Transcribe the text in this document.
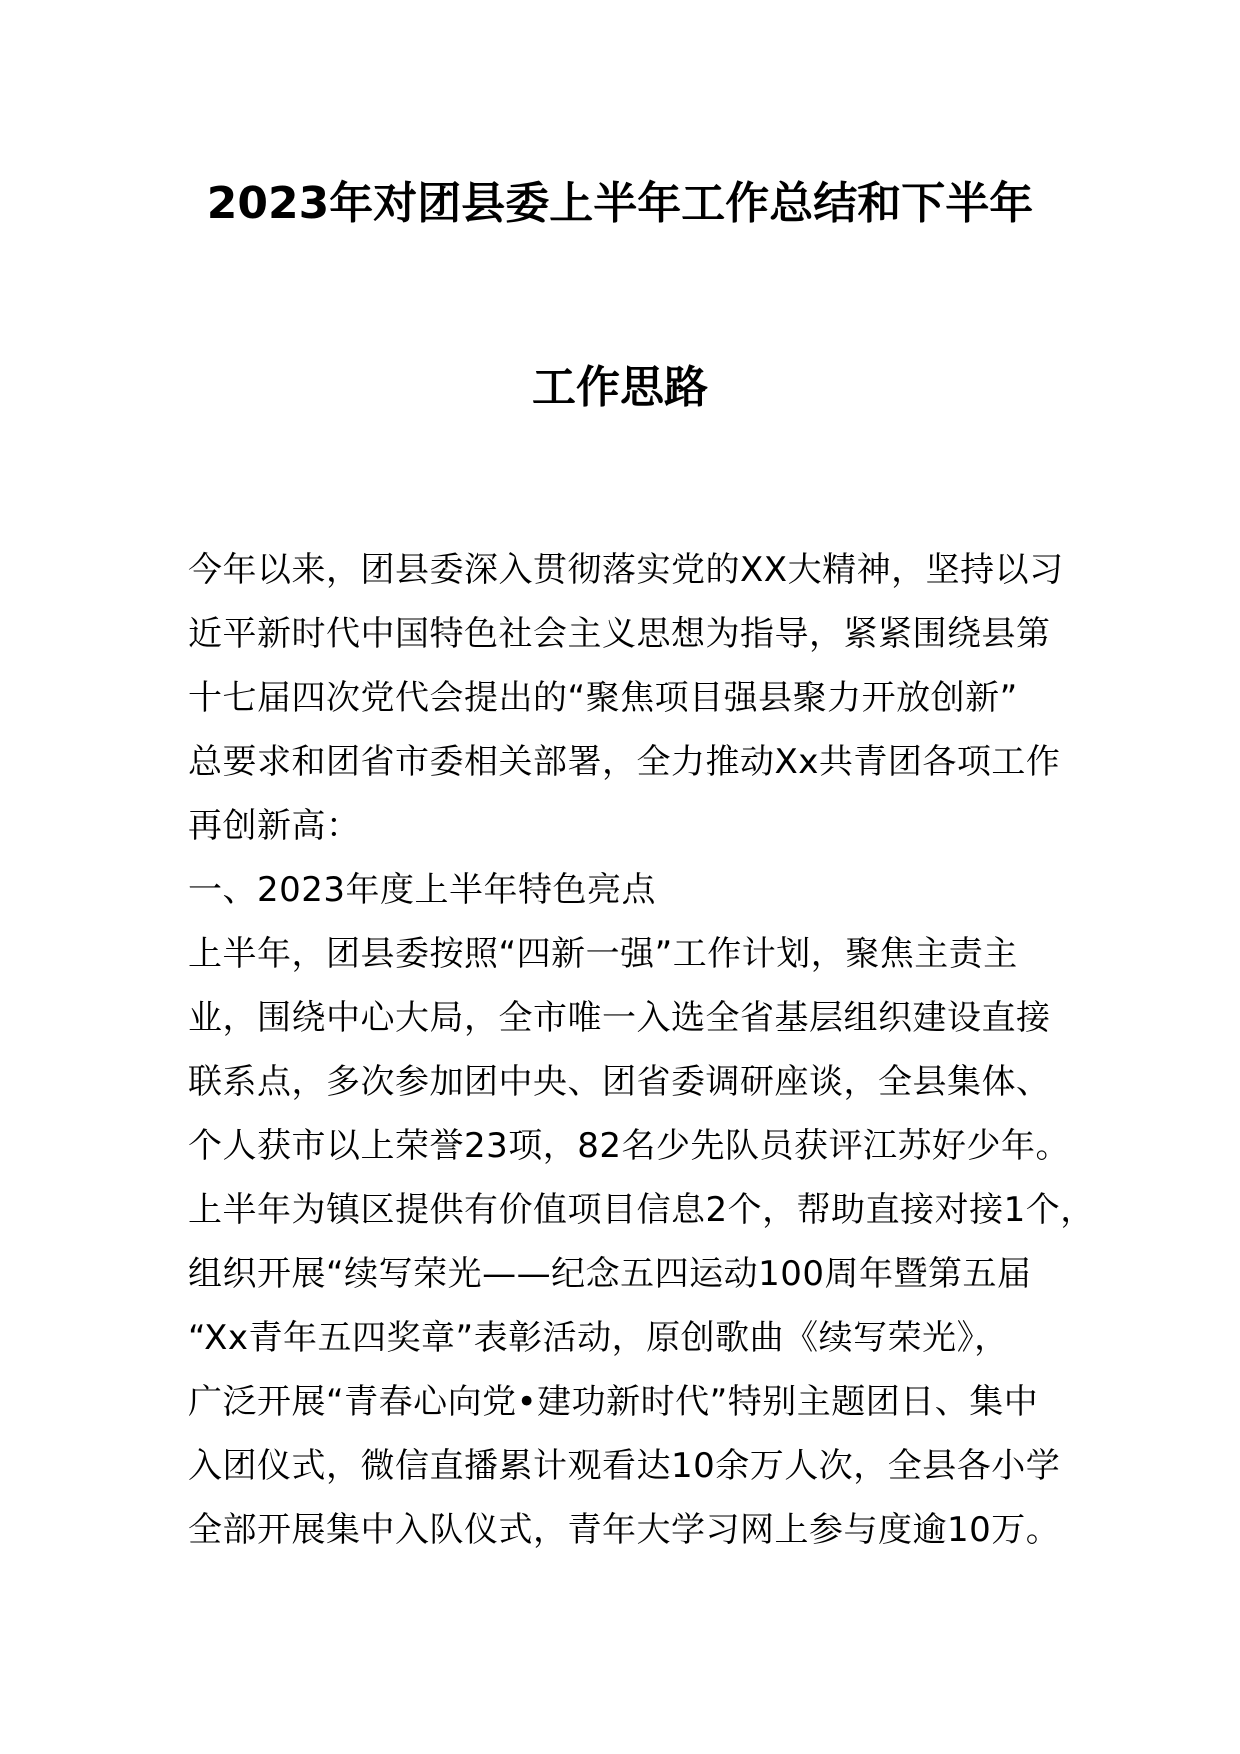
2023年对团县委上半年工作总结和下半年
工作思路
今年以来，团县委深入贯彻落实党的XX大精神，坚持以习
近平新时代中国特色社会主义思想为指导，紧紧围绕县第
十七届四次党代会提出的“聚焦项目强县聚力开放创新”
总要求和团省市委相关部署，全力推动Xx共青团各项工作
再创新高：
一、2023年度上半年特色亮点
上半年，团县委按照“四新一强”工作计划，聚焦主责主
业，围绕中心大局，全市唯一入选全省基层组织建设直接
联系点，多次参加团中央、团省委调研座谈，全县集体、
个人获市以上荣誉23项，82名少先队员获评江苏好少年。
上半年为镇区提供有价值项目信息2个，帮助直接对接1个，
组织开展“续写荣光——纪念五四运动100周年暨第五届
“Xx青年五四奖章”表彰活动，原创歌曲《续写荣光》，
广泛开展“青春心向党•建功新时代”特别主题团日、集中
入团仪式，微信直播累计观看达10余万人次，全县各小学
全部开展集中入队仪式，青年大学习网上参与度逾10万。
